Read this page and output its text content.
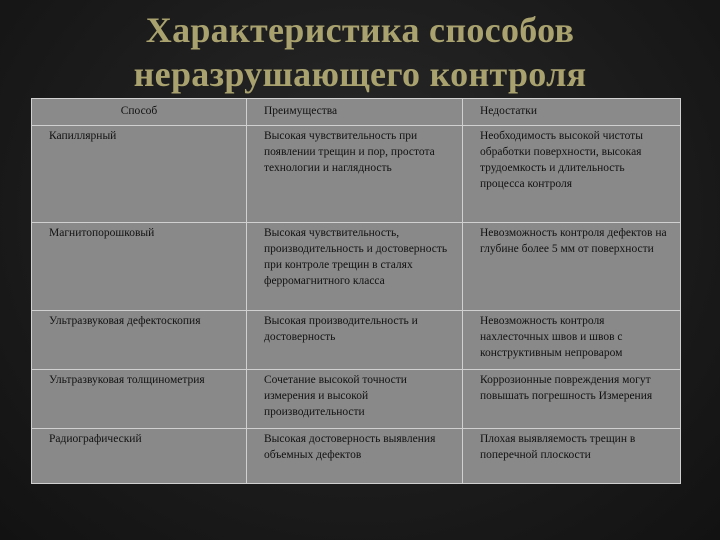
Характеристика способов
неразрушающего контроля
Способ	Преимущества	Недостатки
Капиллярный	Высокая чувствительность при появлении трещин и пор, простота технологии и наглядность	Необходимость высокой чистоты обработки поверхности, высокая трудоемкость и длительность процесса контроля
Магнитопорошковый	Высокая чувствительность, производительность и достоверность при контроле трещин в сталях ферромагнитного класса	Невозможность контроля дефектов на глубине более 5 мм от поверхности
Ультразвуковая дефектоскопия	Высокая производительность и достоверность	Невозможность контроля нахлесточных швов и швов с конструктивным непроваром
Ультразвуковая толщинометрия	Сочетание высокой точности измерения и высокой производительности	Коррозионные повреждения могут повышать погрешность Измерения
Радиографический	Высокая достоверность выявления объемных дефектов	Плохая выявляемость трещин в поперечной плоскости
